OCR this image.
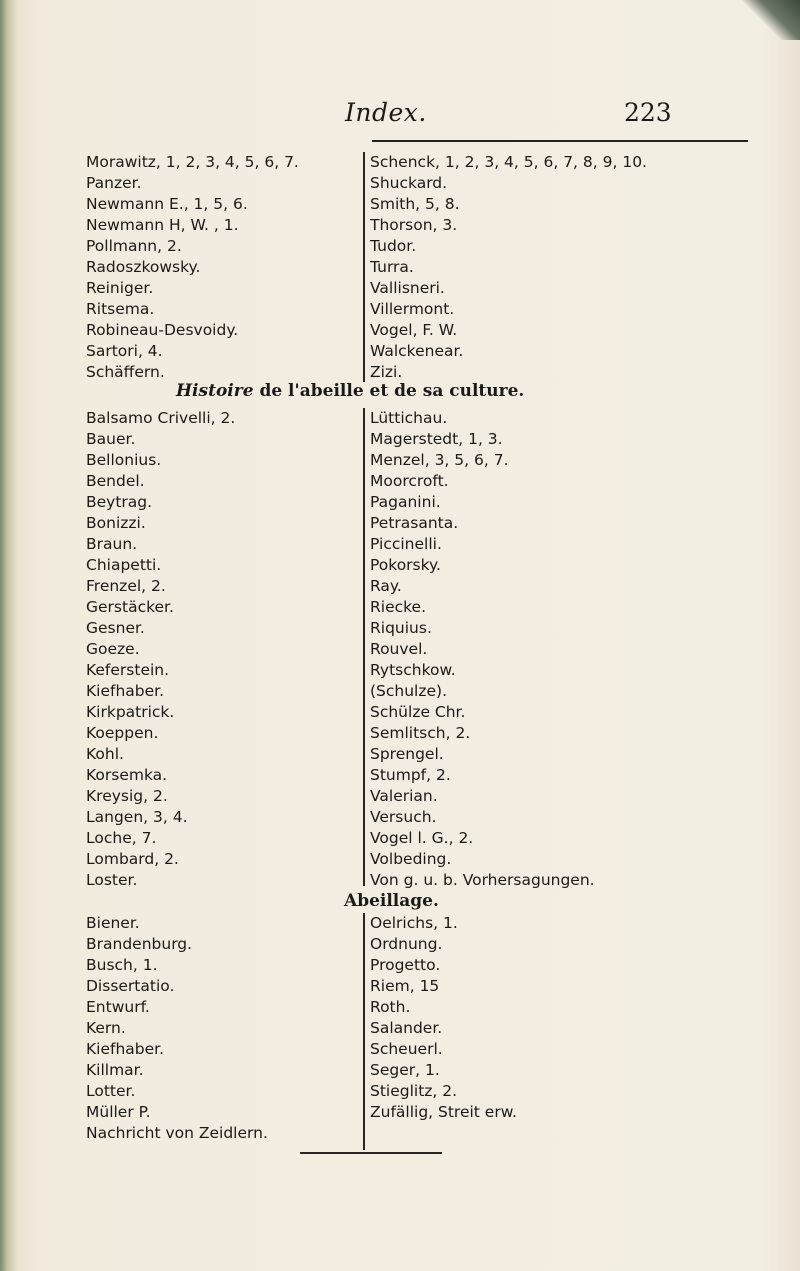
Index.	223
Morawitz, 1, 2, 3, 4, 5, 6, 7.
Panzer.
Newmann E., 1, 5, 6.
Newmann H, W. , 1.
Pollmann, 2.
Radoszkowsky.
Reiniger.
Ritsema.
Robineau-Desvoidy.
Sartori, 4.
Schäffern.
Schenck, 1, 2, 3, 4, 5, 6, 7, 8, 9, 10.
Shuckard.
Smith, 5, 8.
Thorson, 3.
Tudor.
Turra.
Vallisneri.
Villermont.
Vogel, F. W.
Walckenear.
Zizi.
Histoire de l'abeille et de sa culture.
Balsamo Crivelli, 2.
Bauer.
Bellonius.
Bendel.
Beytrag.
Bonizzi.
Braun.
Chiapetti.
Frenzel, 2.
Gerstäcker.
Gesner.
Goeze.
Keferstein.
Kiefhaber.
Kirkpatrick.
Koeppen.
Kohl.
Korsemka.
Kreysig, 2.
Langen, 3, 4.
Loche, 7.
Lombard, 2.
Loster.
Lüttichau.
Magerstedt, 1, 3.
Menzel, 3, 5, 6, 7.
Moorcroft.
Paganini.
Petrasanta.
Piccinelli.
Pokorsky.
Ray.
Riecke.
Riquius.
Rouvel.
Rytschkow.
(Schulze).
Schülze Chr.
Semlitsch, 2.
Sprengel.
Stumpf, 2.
Valerian.
Versuch.
Vogel l. G., 2.
Volbeding.
Von g. u. b. Vorhersagungen.
Abeillage.
Biener.
Brandenburg.
Busch, 1.
Dissertatio.
Entwurf.
Kern.
Kiefhaber.
Killmar.
Lotter.
Müller P.
Nachricht von Zeidlern.
Oelrichs, 1.
Ordnung.
Progetto.
Riem, 15
Roth.
Salander.
Scheuerl.
Seger, 1.
Stieglitz, 2.
Zufällig, Streit erw.
